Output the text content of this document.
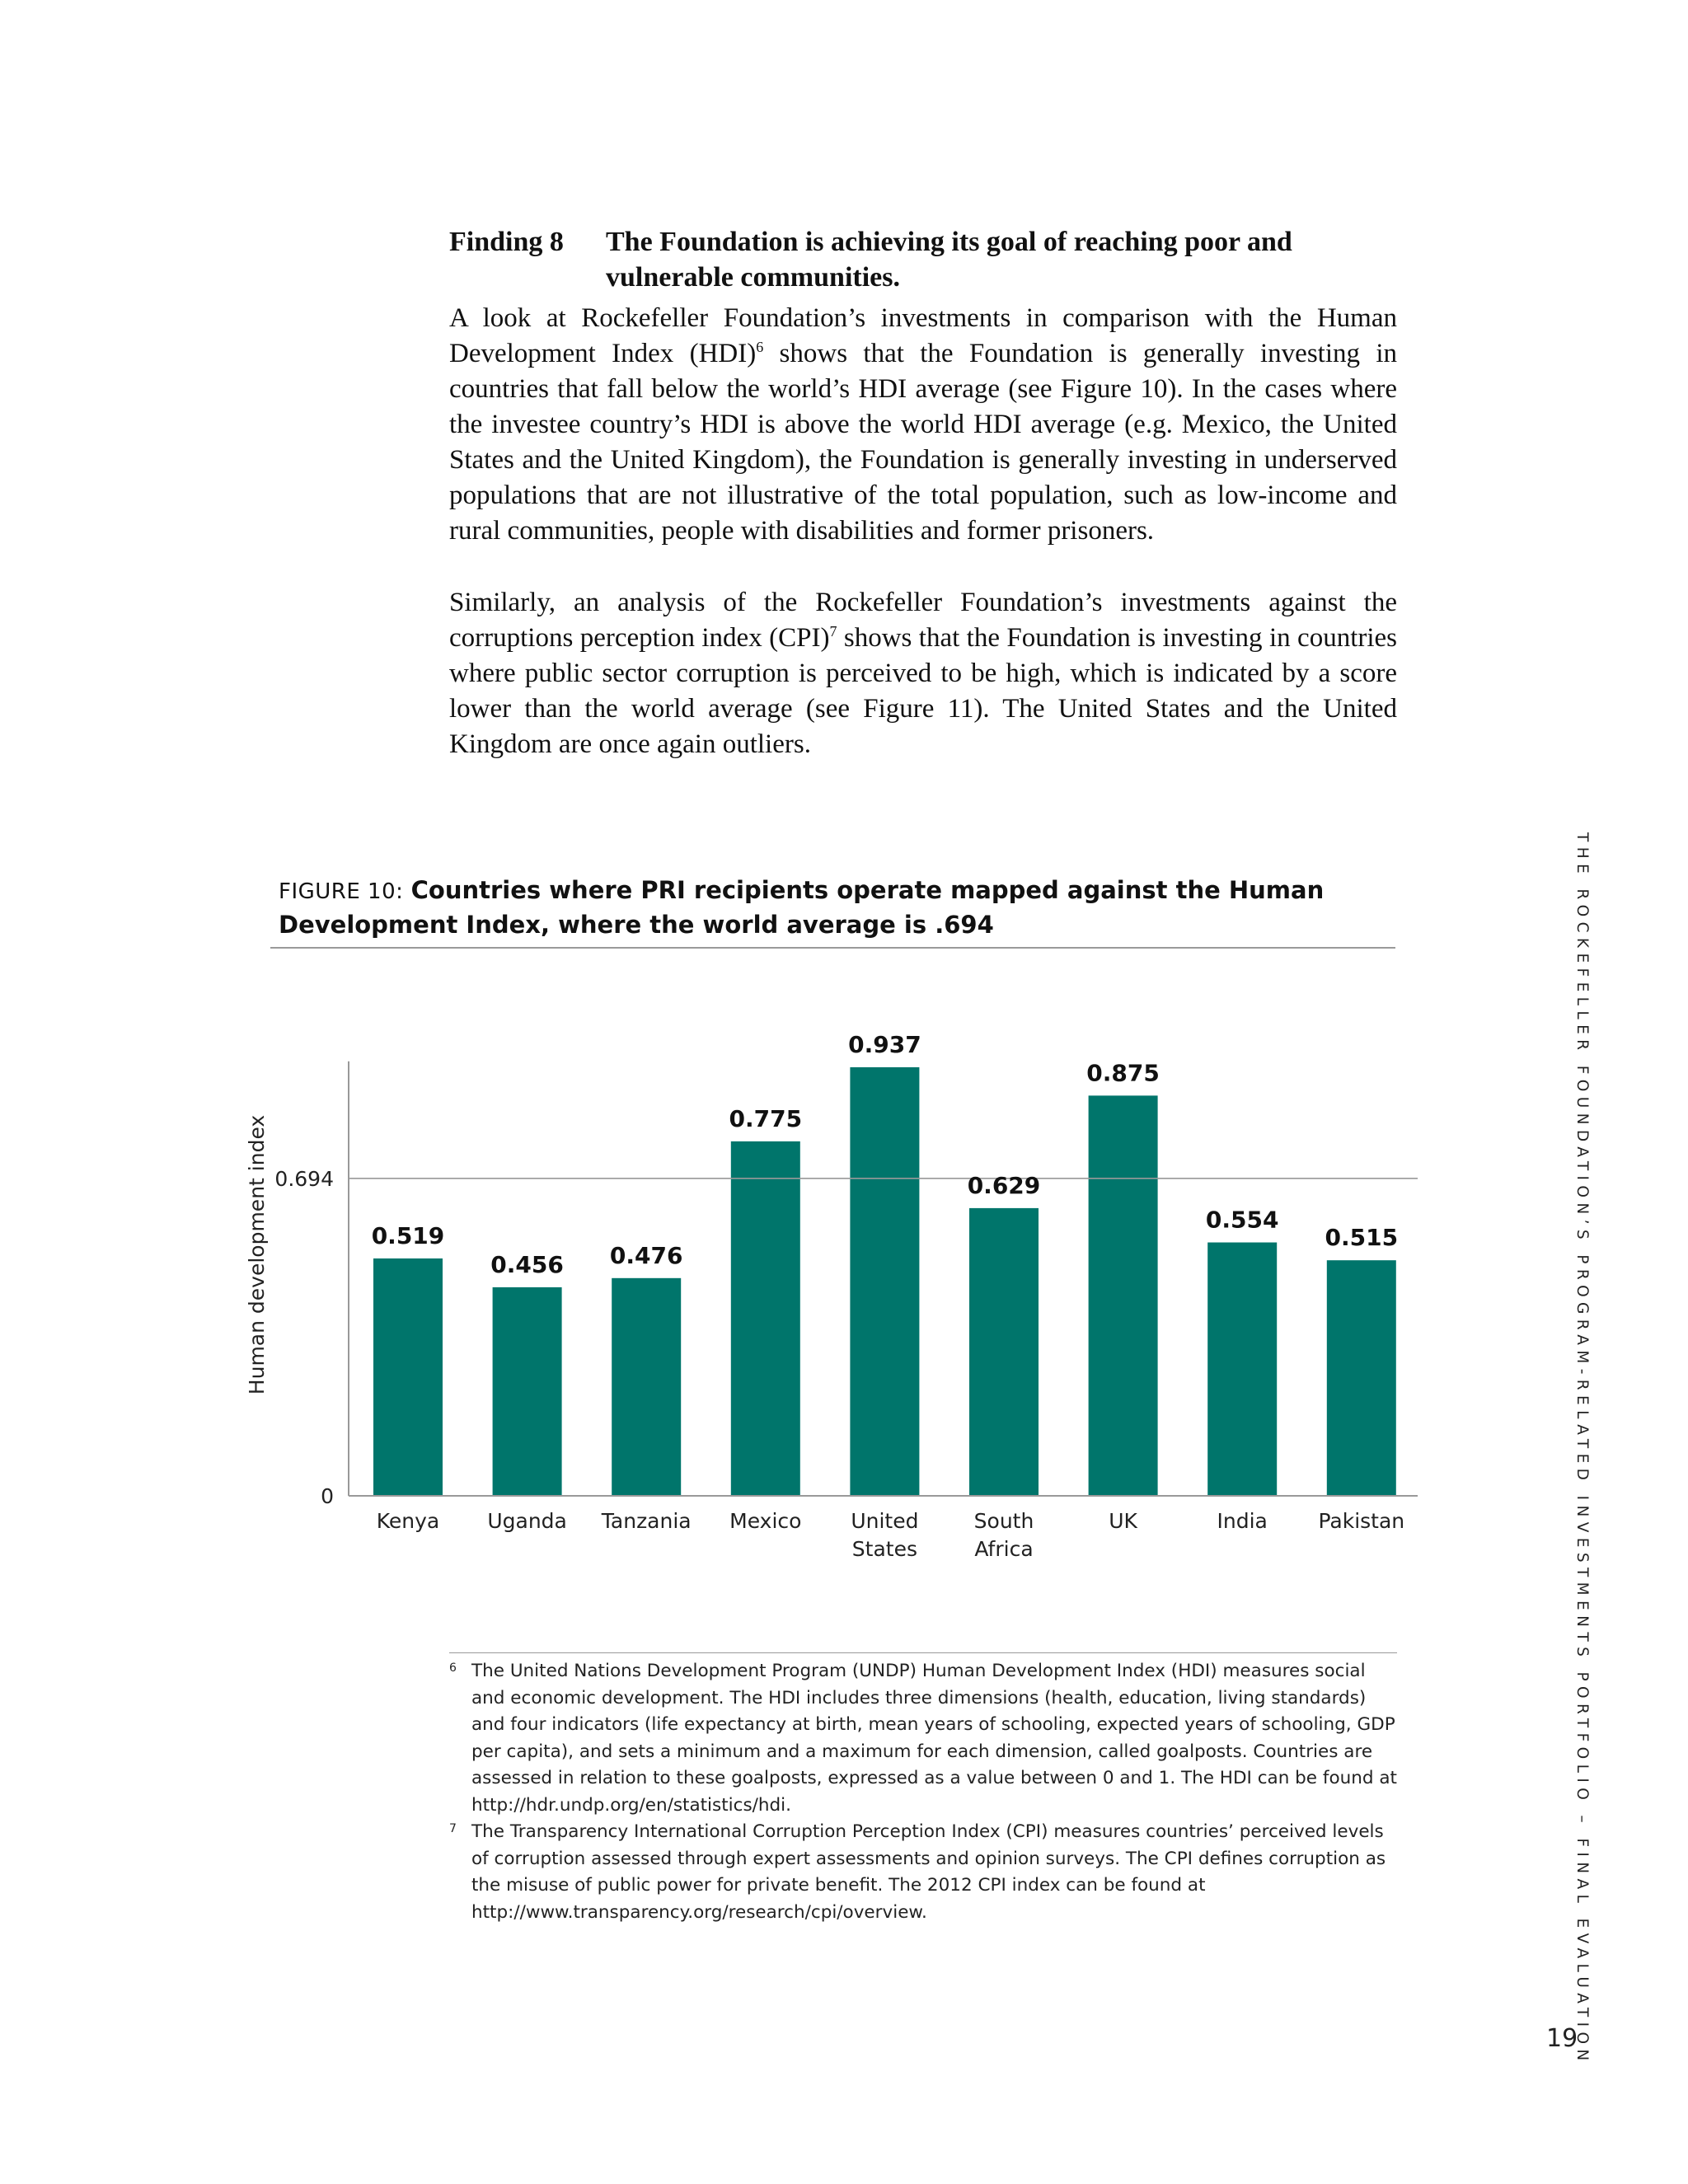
Finding 8 The Foundation is achieving its goal of reaching poor and vulnerable communities.

A look at Rockefeller Foundation’s investments in comparison with the Human Development Index (HDI)$^6$ shows that the Foundation is generally investing in countries that fall below the world’s HDI average (see Figure 10). In the cases where the investee country’s HDI is above the world HDI average (e.g. Mexico, the United States and the United Kingdom), the Foundation is generally investing in underserved populations that are not illustrative of the total population, such as low-income and rural communities, people with disabilities and former prisoners.

Similarly, an analysis of the Rockefeller Foundation’s investments against the corruptions perception index (CPI)$^7$ shows that the Foundation is investing in countries where public sector corruption is perceived to be high, which is indicated by a score lower than the world average (see Figure 11). The United States and the United Kingdom are once again outliers.

FIGURE 10: Countries where PRI recipients operate mapped against the Human Development Index, where the world average is .694
0
0.694
Human development index	0.519
0.456 0.476
0.775
0.937
0.629
0.875
0.554
0.515
Kenya Uganda Tanzania Mexico United
States
South
Africa
UK	India Pakistan
6 The United Nations Development Program (UNDP) Human Development Index (HDI) measures social and economic development. The HDI includes three dimensions (health, education, living standards) and four indicators (life expectancy at birth, mean years of schooling, expected years of schooling, GDP per capita), and sets a minimum and a maximum for each dimension, called goalposts. Countries are assessed in relation to these goalposts, expressed as a value between 0 and 1. The HDI can be found at http://hdr.undp.org/en/statistics/hdi.
7 The Transparency International Corruption Perception Index (CPI) measures countries’ perceived levels of corruption assessed through expert assessments and opinion surveys. The CPI defines corruption as the misuse of public power for private benefit. The 2012 CPI index can be found at http://www.transparency.org/research/cpi/overview.	THE ROCKEFELLER FOUNDATION’S PROGRAM-RELATED INVESTMENTS PORTFOLIO – FINAL EVALUATION
19
